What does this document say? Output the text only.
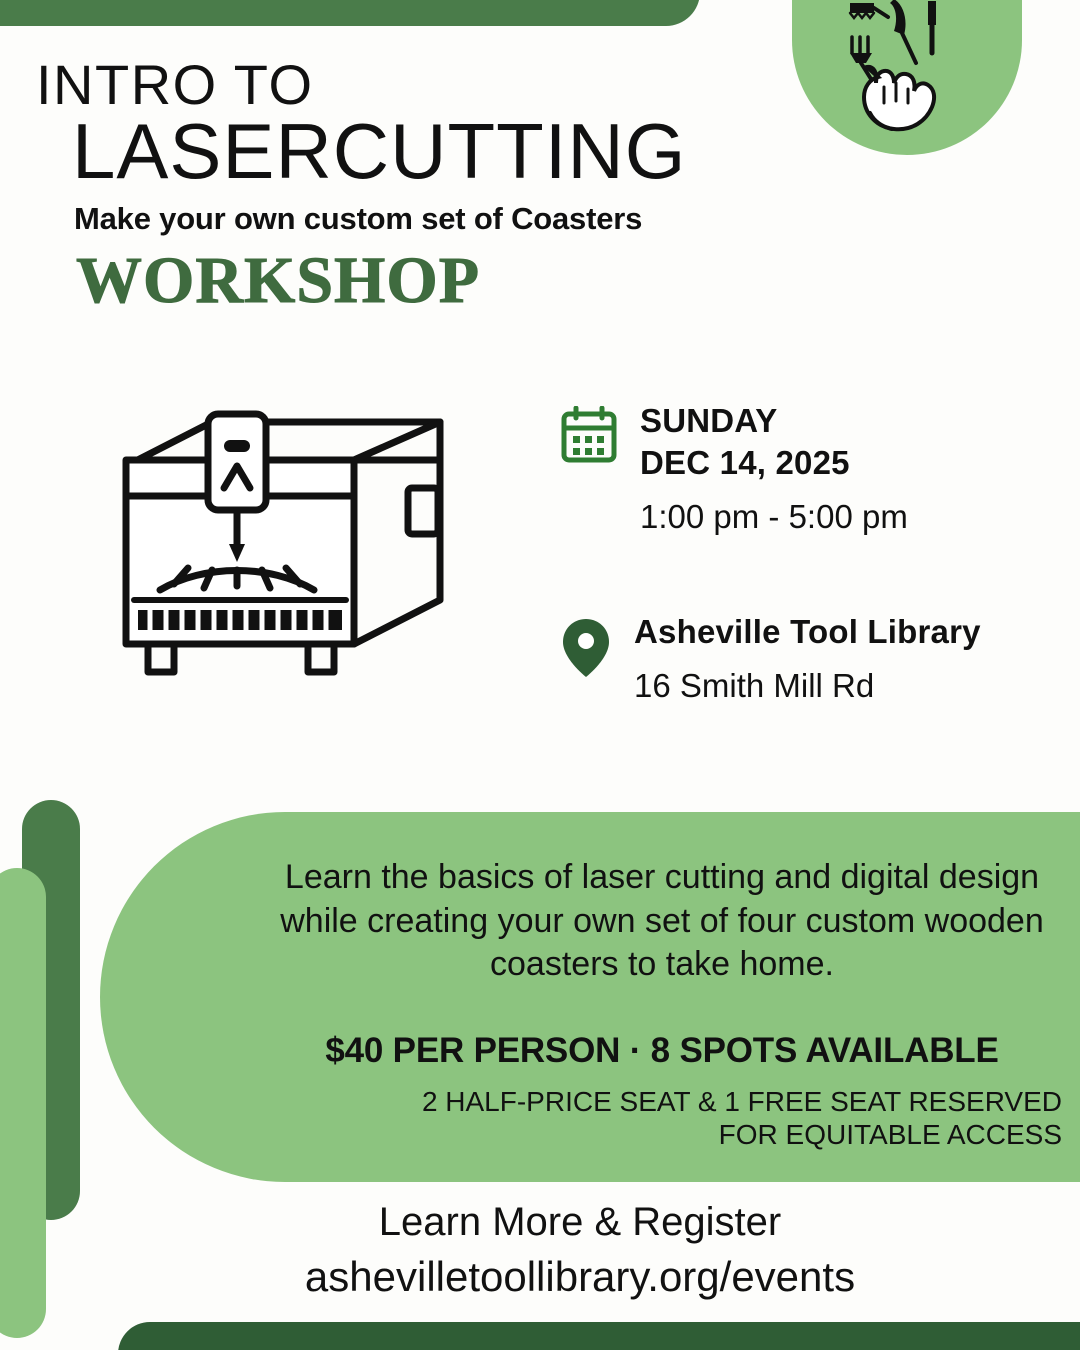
INTRO TO
LASERCUTTING
Make your own custom set of Coasters
WORKSHOP
SUNDAY
DEC 14, 2025
1:00 pm - 5:00 pm
Asheville Tool Library
16 Smith Mill Rd
Learn the basics of laser cutting and digital design while creating your own set of four custom wooden coasters to take home.
$40 PER PERSON · 8 SPOTS AVAILABLE
2 HALF-PRICE SEAT & 1 FREE SEAT RESERVED
FOR EQUITABLE ACCESS
Learn More & Register
ashevilletoollibrary.org/events
